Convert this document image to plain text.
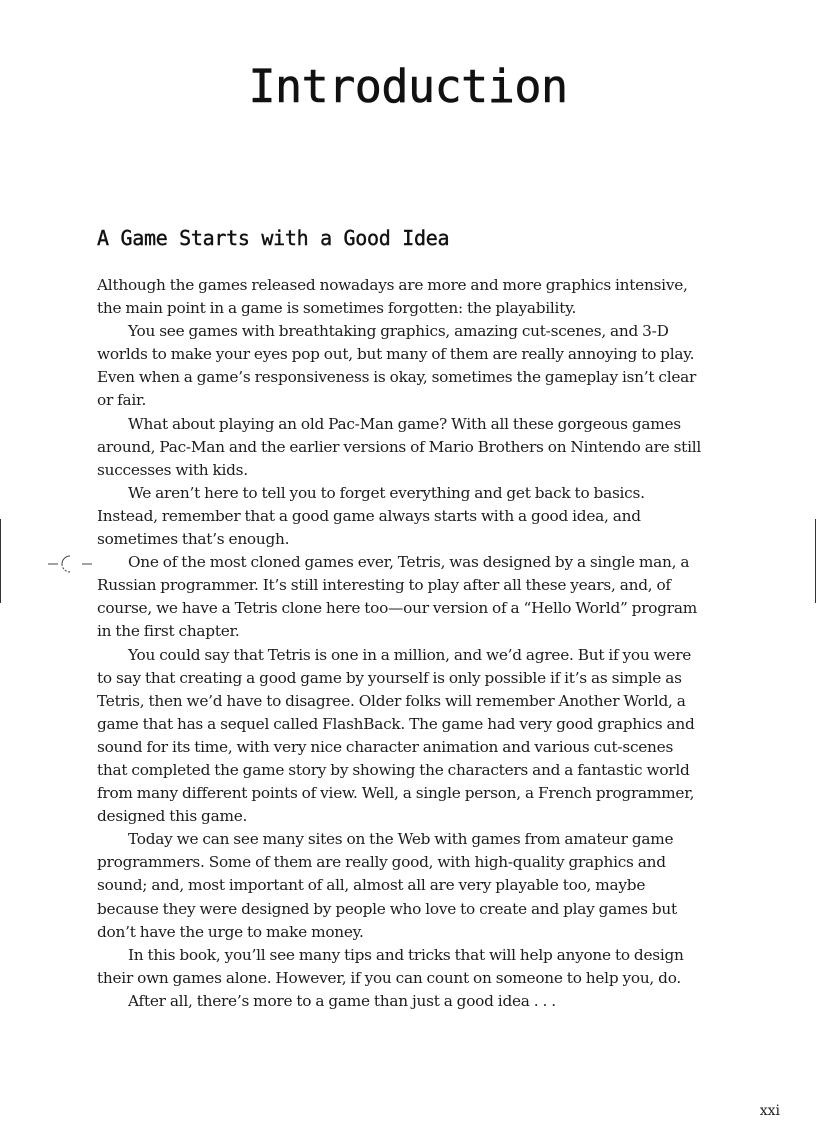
Introduction
A Game Starts with a Good Idea

Although the games released nowadays are more and more graphics intensive, the main point in a game is sometimes forgotten: the playability.

You see games with breathtaking graphics, amazing cut-scenes, and 3-D worlds to make your eyes pop out, but many of them are really annoying to play. Even when a game’s responsiveness is okay, sometimes the gameplay isn’t clear or fair.

What about playing an old Pac-Man game? With all these gorgeous games around, Pac-Man and the earlier versions of Mario Brothers on Nintendo are still successes with kids.

We aren’t here to tell you to forget everything and get back to basics. Instead, remember that a good game always starts with a good idea, and sometimes that’s enough.

One of the most cloned games ever, Tetris, was designed by a single man, a Russian programmer. It’s still interesting to play after all these years, and, of course, we have a Tetris clone here too—our version of a “Hello World” program in the first chapter.

You could say that Tetris is one in a million, and we’d agree. But if you were to say that creating a good game by yourself is only possible if it’s as simple as Tetris, then we’d have to disagree. Older folks will remember Another World, a game that has a sequel called FlashBack. The game had very good graphics and sound for its time, with very nice character animation and various cut-scenes that completed the game story by showing the characters and a fantastic world from many different points of view. Well, a single person, a French programmer, designed this game.

Today we can see many sites on the Web with games from amateur game programmers. Some of them are really good, with high-quality graphics and sound; and, most important of all, almost all are very playable too, maybe because they were designed by people who love to create and play games but don’t have the urge to make money.

In this book, you’ll see many tips and tricks that will help anyone to design their own games alone. However, if you can count on someone to help you, do.

After all, there’s more to a game than just a good idea . . .

xxi
